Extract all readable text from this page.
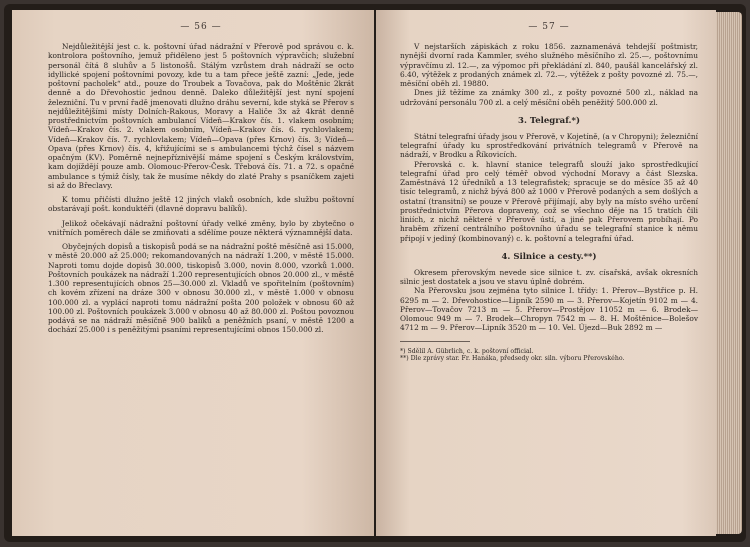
— 56 —

Nejdůležitější jest c. k. poštovní úřad nádražní v Přerově pod správou c. k. kontrolora poštovního, jemuž přiděleno jest 5 poštovních výpravčích; služební personál čítá 8 sluhův a 5 listonošů. Stálým vzrůstem drah nádraží se octo idyllické spojení poštovními povozy, kde tu a tam přece ještě zazní: „Jede, jede poštovní pacholek“ atd., pouze do Troubek a Tovačova, pak do Moštěnic 2krát denně a do Dřevohostic jednou denně. Daleko důležitější jest nyní spojení železniční. Tu v první řadě jmenovati dlužno dráhu severní, kde styká se Přerov s nejdůležitějšími místy Dolních-Rakous, Moravy a Haliče 3x až 4krát denně prostřednictvím poštovních ambulancí Vídeň—Krakov čís. 1. vlakem osobním; Vídeň—Krakov čís. 2. vlakem osobním, Vídeň—Krakov čís. 6. rychlovlakem; Vídeň—Krakov čís. 7. rychlovlakem; Vídeň—Opava (přes Krnov) čís. 3; Vídeň—Opava (přes Krnov) čís. 4, křižujícími se s ambulancemi týchž čísel s názvem opačným (KV). Poměrně nejnepříznivější máme spojení s Českým královstvím, kam dojíždějí pouze amb. Olomouc-Přerov-Česk. Třebová čís. 71. a 72. s opačné ambulance s týmiž čísly, tak že musíme někdy do zlaté Prahy s psaníčkem zajeti si až do Břeclavy.

K tomu přičísti dlužno ještě 12 jiných vlaků osobních, kde službu poštovní obstarávají pošt. konduktéři (dlavné dopravu balíků).

Jelikož očekávají nádražní poštovní úřady velké změny, bylo by zbytečno o vnitřních poměrech dále se zmiňovati a sdělíme pouze některá významnější data.

Obyčejných dopisů a tiskopisů podá se na nádražní poště měsíčně asi 15.000, v městě 20.000 až 25.000; rekomandovaných na nádraží 1.200, v městě 15.000. Naproti tomu dojde dopisů 30.000, tiskopisů 3.000, novin 8.000, vzorků 1.000. Poštovních poukázek na nádraží 1.200 representujících obnos 20.000 zl., v městě 1.300 representujících obnos 25—30.000 zl. Vkladů ve spořitelním (poštovním) ch kovém zřízení na dráze 300 v obnosu 30.000 zl., v městě 1.000 v obnosu 100.000 zl. a vyplácí naproti tomu nádražní pošta 200 položek v obnosu 60 až 100.00 zl. Poštovních poukázek 3.000 v obnosu 40 až 80.000 zl. Poštou povoznou podává se na nádraží měsíčně 900 balíků a peněžních psaní, v městě 1200 a dochází 25.000 i s peněžitými psaními representujícími obnos 150.000 zl.

— 57 —

V nejstarších zápiskách z roku 1856. zaznamenává tehdejší poštmistr, nynější dvorní rada Kammler, svého služného měsíčního zl. 25.—, poštovnímu výpravčímu zl. 12.—, za výpomoc při překládání zl. 840, paušál kancelářský zl. 6.40, výtěžek z prodaných známek zl. 72.—, výtěžek z pošty povozné zl. 75.—, měsíční oběh zl. 19880.

Dnes již těžíme za známky 300 zl., z pošty povozné 500 zl., náklad na udržování personálu 700 zl. a celý měsíční oběh peněžitý 500.000 zl.

3. Telegraf.*)

Státní telegrafní úřady jsou v Přerově, v Kojetíně, (a v Chropyni); železniční telegrafní úřady ku sprostředkování privátních telegramů v Přerově na nádraží, v Brodku a Říkovicích.

Přerovská c. k. hlavní stanice telegrafů slouží jako sprostředkující telegrafní úřad pro celý téměř obvod východní Moravy a část Slezska. Zaměstnává 12 úředníků a 13 telegrafistek; spracuje se do měsíce 35 až 40 tisíc telegramů, z nichž bývá 800 až 1000 v Přerově podaných a sem došlých a ostatní (transitní) se pouze v Přerově přijímají, aby byly na místo svého určení prostřednictvím Přerova dopraveny, což se všechno děje na 15 tratích čili liniích, z nichž některé v Přerově ústí, a jiné pak Přerovem probíhají. Po hraběm zřízení centrálního poštovního úřadu se telegrafní stanice k němu připojí v jediný (kombinovaný) c. k. poštovní a telegrafní úřad.

4. Silnice a cesty.**)

Okresem přerovským nevede sice silnice t. zv. císařská, avšak okresních silnic jest dostatek a jsou ve stavu úplně dobrém.

Na Přerovsku jsou zejména tyto silnice I. třídy: 1. Přerov—Bystřice p. H. 6295 m — 2. Dřevohostice—Lipník 2590 m — 3. Přerov—Kojetín 9102 m — 4. Přerov—Tovačov 7213 m — 5. Přerov—Prostějov 11052 m — 6. Brodek—Olomouc 949 m — 7. Brodek—Chropyn 7542 m — 8. H. Moštěnice—Bolešov 4712 m — 9. Přerov—Lipník 3520 m — 10. Vel. Újezd—Buk 2892 m —

*) Sdělil A. Gübrlich, c. k. poštovní official.

**) Dle zprávy star. Fr. Hanáka, předsedy okr. siln. výboru Přerovského.
